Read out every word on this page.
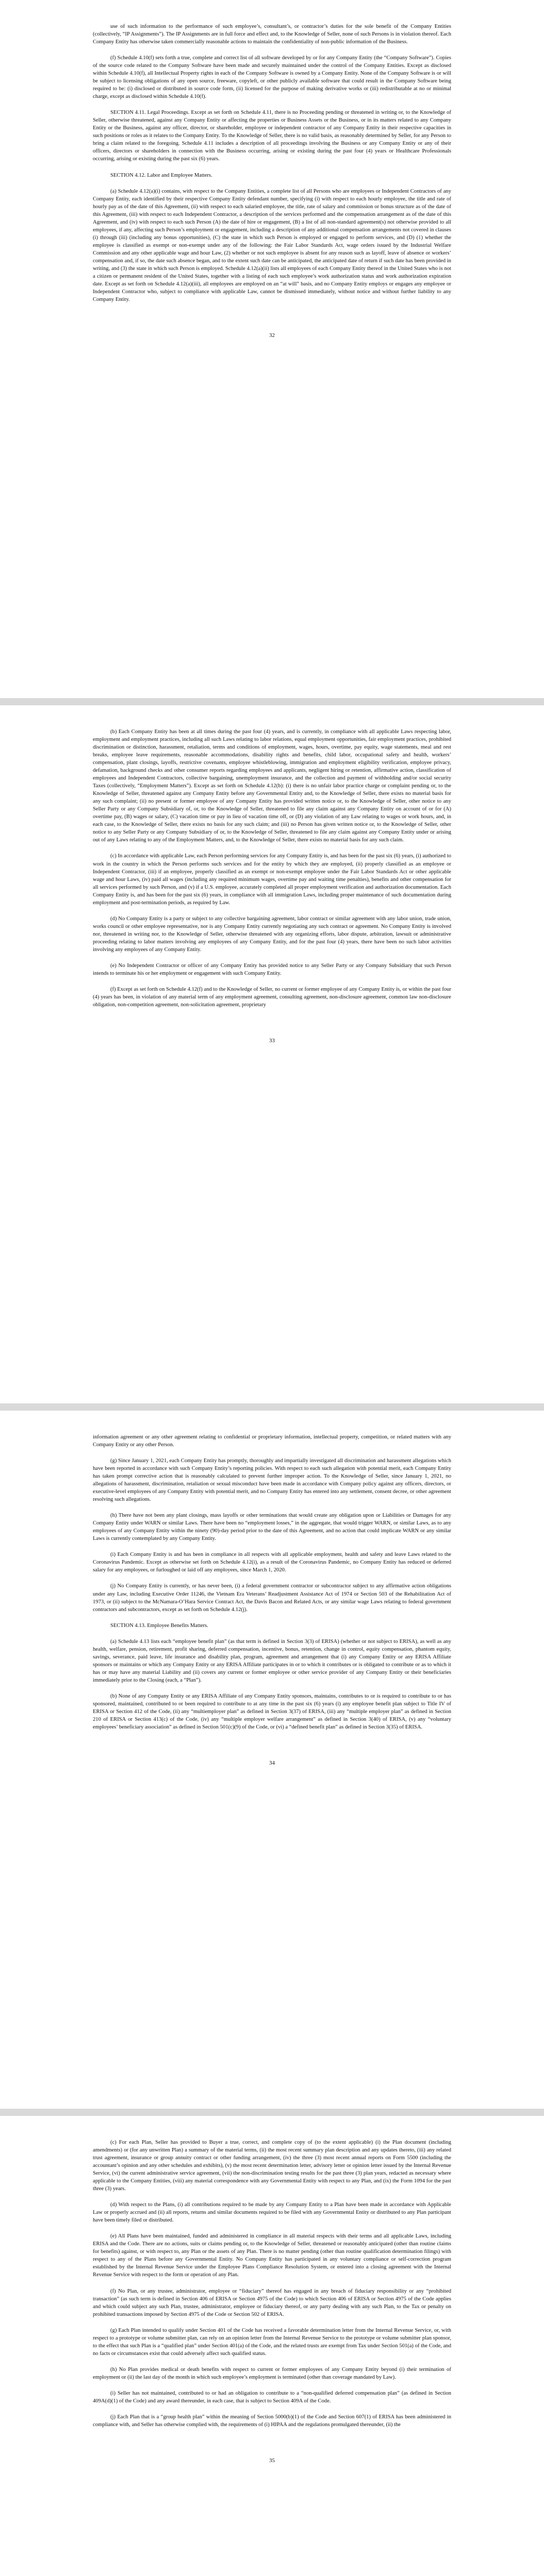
use of such information to the performance of such employee’s, consultant’s, or contractor’s duties for the sole benefit of the Company Entities (collectively, “IP Assignments”). The IP Assignments are in full force and effect and, to the Knowledge of Seller, none of such Persons is in violation thereof. Each Company Entity has otherwise taken commercially reasonable actions to maintain the confidentiality of non-public information of the Business.

(f) Schedule 4.10(f) sets forth a true, complete and correct list of all software developed by or for any Company Entity (the “Company Software”). Copies of the source code related to the Company Software have been made and securely maintained under the control of the Company Entities. Except as disclosed within Schedule 4.10(f), all Intellectual Property rights in each of the Company Software is owned by a Company Entity. None of the Company Software is or will be subject to licensing obligations of any open source, freeware, copyleft, or other publicly available software that could result in the Company Software being required to be: (i) disclosed or distributed in source code form, (ii) licensed for the purpose of making derivative works or (iii) redistributable at no or minimal charge, except as disclosed within Schedule 4.10(f).

SECTION 4.11. Legal Proceedings. Except as set forth on Schedule 4.11, there is no Proceeding pending or threatened in writing or, to the Knowledge of Seller, otherwise threatened, against any Company Entity or affecting the properties or Business Assets or the Business, or in its matters related to any Company Entity or the Business, against any officer, director, or shareholder, employee or independent contractor of any Company Entity in their respective capacities in such positions or roles as it relates to the Company Entity. To the Knowledge of Seller, there is no valid basis, as reasonably determined by Seller, for any Person to bring a claim related to the foregoing. Schedule 4.11 includes a description of all proceedings involving the Business or any Company Entity or any of their officers, directors or shareholders in connection with the Business occurring, arising or existing during the past four (4) years or Healthcare Professionals occurring, arising or existing during the past six (6) years.

SECTION 4.12. Labor and Employee Matters.

(a) Schedule 4.12(a)(i) contains, with respect to the Company Entities, a complete list of all Persons who are employees or Independent Contractors of any Company Entity, each identified by their respective Company Entity defendant number, specifying (i) with respect to each hourly employee, the title and rate of hourly pay as of the date of this Agreement, (ii) with respect to each salaried employee, the title, rate of salary and commission or bonus structure as of the date of this Agreement, (iii) with respect to each Independent Contractor, a description of the services performed and the compensation arrangement as of the date of this Agreement, and (iv) with respect to each such Person (A) the date of hire or engagement, (B) a list of all non-standard agreement(s) not otherwise provided to all employees, if any, affecting such Person’s employment or engagement, including a description of any additional compensation arrangements not covered in clauses (i) through (iii) (including any bonus opportunities), (C) the state in which such Person is employed or engaged to perform services, and (D) (1) whether the employee is classified as exempt or non-exempt under any of the following: the Fair Labor Standards Act, wage orders issued by the Industrial Welfare Commission and any other applicable wage and hour Law, (2) whether or not such employee is absent for any reason such as layoff, leave of absence or workers’ compensation and, if so, the date such absence began, and to the extent such date can be anticipated, the anticipated date of return if such date has been provided in writing, and (3) the state in which such Person is employed. Schedule 4.12(a)(ii) lists all employees of each Company Entity thereof in the United States who is not a citizen or permanent resident of the United States, together with a listing of each such employee’s work authorization status and work authorization expiration date. Except as set forth on Schedule 4.12(a)(iii), all employees are employed on an “at will” basis, and no Company Entity employs or engages any employee or Independent Contractor who, subject to compliance with applicable Law, cannot be dismissed immediately, without notice and without further liability to any Company Entity.

32

(b) Each Company Entity has been at all times during the past four (4) years, and is currently, in compliance with all applicable Laws respecting labor, employment and employment practices, including all such Laws relating to labor relations, equal employment opportunities, fair employment practices, prohibited discrimination or distinction, harassment, retaliation, terms and conditions of employment, wages, hours, overtime, pay equity, wage statements, meal and rest breaks, employee leave requirements, reasonable accommodations, disability rights and benefits, child labor, occupational safety and health, workers’ compensation, plant closings, layoffs, restrictive covenants, employee whistleblowing, immigration and employment eligibility verification, employee privacy, defamation, background checks and other consumer reports regarding employees and applicants, negligent hiring or retention, affirmative action, classification of employees and Independent Contractors, collective bargaining, unemployment insurance, and the collection and payment of withholding and/or social security Taxes (collectively, “Employment Matters”). Except as set forth on Schedule 4.12(b): (i) there is no unfair labor practice charge or complaint pending or, to the Knowledge of Seller, threatened against any Company Entity before any Governmental Entity and, to the Knowledge of Seller, there exists no material basis for any such complaint; (ii) no present or former employee of any Company Entity has provided written notice or, to the Knowledge of Seller, other notice to any Seller Party or any Company Subsidiary of, or, to the Knowledge of Seller, threatened to file any claim against any Company Entity on account of or for (A) overtime pay, (B) wages or salary, (C) vacation time or pay in lieu of vacation time off, or (D) any violation of any Law relating to wages or work hours, and, in each case, to the Knowledge of Seller, there exists no basis for any such claim; and (iii) no Person has given written notice or, to the Knowledge of Seller, other notice to any Seller Party or any Company Subsidiary of or, to the Knowledge of Seller, threatened to file any claim against any Company Entity under or arising out of any Laws relating to any of the Employment Matters, and, to the Knowledge of Seller, there exists no material basis for any such claim.

(c) In accordance with applicable Law, each Person performing services for any Company Entity is, and has been for the past six (6) years, (i) authorized to work in the country in which the Person performs such services and for the entity by which they are employed, (ii) properly classified as an employee or Independent Contractor, (iii) if an employee, properly classified as an exempt or non-exempt employee under the Fair Labor Standards Act or other applicable wage and hour Laws, (iv) paid all wages (including any required minimum wages, overtime pay and waiting time penalties), benefits and other compensation for all services performed by such Person, and (v) if a U.S. employee, accurately completed all proper employment verification and authorization documentation. Each Company Entity is, and has been for the past six (6) years, in compliance with all immigration Laws, including proper maintenance of such documentation during employment and post-termination periods, as required by Law.

(d) No Company Entity is a party or subject to any collective bargaining agreement, labor contract or similar agreement with any labor union, trade union, works council or other employee representative, nor is any Company Entity currently negotiating any such contract or agreement. No Company Entity is involved nor, threatened in writing nor, to the Knowledge of Seller, otherwise threatened with any organizing efforts, labor dispute, arbitration, lawsuit or administrative proceeding relating to labor matters involving any employees of any Company Entity, and for the past four (4) years, there have been no such labor activities involving any employees of any Company Entity.

(e) No Independent Contractor or officer of any Company Entity has provided notice to any Seller Party or any Company Subsidiary that such Person intends to terminate his or her employment or engagement with such Company Entity.

(f) Except as set forth on Schedule 4.12(f) and to the Knowledge of Seller, no current or former employee of any Company Entity is, or within the past four (4) years has been, in violation of any material term of any employment agreement, consulting agreement, non-disclosure agreement, common law non-disclosure obligation, non-competition agreement, non-solicitation agreement, proprietary

33

information agreement or any other agreement relating to confidential or proprietary information, intellectual property, competition, or related matters with any Company Entity or any other Person.

(g) Since January 1, 2021, each Company Entity has promptly, thoroughly and impartially investigated all discrimination and harassment allegations which have been reported in accordance with such Company Entity’s reporting policies. With respect to each such allegation with potential merit, each Company Entity has taken prompt corrective action that is reasonably calculated to prevent further improper action. To the Knowledge of Seller, since January 1, 2021, no allegations of harassment, discrimination, retaliation or sexual misconduct have been made in accordance with Company policy against any officers, directors, or executive-level employees of any Company Entity with potential merit, and no Company Entity has entered into any settlement, consent decree, or other agreement resolving such allegations.

(h) There have not been any plant closings, mass layoffs or other terminations that would create any obligation upon or Liabilities or Damages for any Company Entity under WARN or similar Laws. There have been no “employment losses,” in the aggregate, that would trigger WARN, or similar Laws, as to any employees of any Company Entity within the ninety (90)-day period prior to the date of this Agreement, and no action that could implicate WARN or any similar Laws is currently contemplated by any Company Entity.

(i) Each Company Entity is and has been in compliance in all respects with all applicable employment, health and safety and leave Laws related to the Coronavirus Pandemic. Except as otherwise set forth on Schedule 4.12(i), as a result of the Coronavirus Pandemic, no Company Entity has reduced or deferred salary for any employees, or furloughed or laid off any employees, since March 1, 2020.

(j) No Company Entity is currently, or has never been, (i) a federal government contractor or subcontractor subject to any affirmative action obligations under any Law, including Executive Order 11246, the Vietnam Era Veterans’ Readjustment Assistance Act of 1974 or Section 503 of the Rehabilitation Act of 1973, or (ii) subject to the McNamara-O’Hara Service Contract Act, the Davis Bacon and Related Acts, or any similar wage Laws relating to federal government contractors and subcontractors, except as set forth on Schedule 4.12(j).

SECTION 4.13. Employee Benefits Matters.

(a) Schedule 4.13 lists each “employee benefit plan” (as that term is defined in Section 3(3) of ERISA) (whether or not subject to ERISA), as well as any health, welfare, pension, retirement, profit sharing, deferred compensation, incentive, bonus, retention, change in control, equity compensation, phantom equity, savings, severance, paid leave, life insurance and disability plan, program, agreement and arrangement that (i) any Company Entity or any ERISA Affiliate sponsors or maintains or which any Company Entity or any ERISA Affiliate participates in or to which it contributes or is obligated to contribute or as to which it has or may have any material Liability and (ii) covers any current or former employee or other service provider of any Company Entity or their beneficiaries immediately prior to the Closing (each, a “Plan”).

(b) None of any Company Entity or any ERISA Affiliate of any Company Entity sponsors, maintains, contributes to or is required to contribute to or has sponsored, maintained, contributed to or been required to contribute to at any time in the past six (6) years (i) any employee benefit plan subject to Title IV of ERISA or Section 412 of the Code, (ii) any “multiemployer plan” as defined in Section 3(37) of ERISA, (iii) any “multiple employer plan” as defined in Section 210 of ERISA or Section 413(c) of the Code, (iv) any “multiple employer welfare arrangement” as defined in Section 3(40) of ERISA, (v) any “voluntary employees’ beneficiary association” as defined in Section 501(c)(9) of the Code, or (vi) a “defined benefit plan” as defined in Section 3(35) of ERISA.

34

(c) For each Plan, Seller has provided to Buyer a true, correct, and complete copy of (to the extent applicable) (i) the Plan document (including amendments) or (for any unwritten Plan) a summary of the material terms, (ii) the most recent summary plan description and any updates thereto, (iii) any related trust agreement, insurance or group annuity contract or other funding arrangement, (iv) the three (3) most recent annual reports on Form 5500 (including the accountant’s opinion and any other schedules and exhibits), (v) the most recent determination letter, advisory letter or opinion letter issued by the Internal Revenue Service, (vi) the current administrative service agreement, (vii) the non-discrimination testing results for the past three (3) plan years, redacted as necessary where applicable to the Company Entities, (viii) any material correspondence with any Governmental Entity with respect to any Plan, and (ix) the Form 1094 for the past three (3) years.

(d) With respect to the Plans, (i) all contributions required to be made by any Company Entity to a Plan have been made in accordance with Applicable Law or properly accrued and (ii) all reports, returns and similar documents required to be filed with any Governmental Entity or distributed to any Plan participant have been timely filed or distributed.

(e) All Plans have been maintained, funded and administered in compliance in all material respects with their terms and all applicable Laws, including ERISA and the Code. There are no actions, suits or claims pending or, to the Knowledge of Seller, threatened or reasonably anticipated (other than routine claims for benefits) against, or with respect to, any Plan or the assets of any Plan. There is no matter pending (other than routine qualification determination filings) with respect to any of the Plans before any Governmental Entity. No Company Entity has participated in any voluntary compliance or self-correction program established by the Internal Revenue Service under the Employee Plans Compliance Resolution System, or entered into a closing agreement with the Internal Revenue Service with respect to the form or operation of any Plan.

(f) No Plan, or any trustee, administrator, employee or “fiduciary” thereof has engaged in any breach of fiduciary responsibility or any “prohibited transaction” (as such term is defined in Section 406 of ERISA or Section 4975 of the Code) to which Section 406 of ERISA or Section 4975 of the Code applies and which could subject any such Plan, trustee, administrator, employee or fiduciary thereof, or any party dealing with any such Plan, to the Tax or penalty on prohibited transactions imposed by Section 4975 of the Code or Section 502 of ERISA.

(g) Each Plan intended to qualify under Section 401 of the Code has received a favorable determination letter from the Internal Revenue Service, or, with respect to a prototype or volume submitter plan, can rely on an opinion letter from the Internal Revenue Service to the prototype or volume submitter plan sponsor, to the effect that such Plan is a “qualified plan” under Section 401(a) of the Code, and the related trusts are exempt from Tax under Section 501(a) of the Code, and no facts or circumstances exist that could adversely affect such qualified status.

(h) No Plan provides medical or death benefits with respect to current or former employees of any Company Entity beyond (i) their termination of employment or (ii) the last day of the month in which such employee’s employment is terminated (other than coverage mandated by Law).

(i) Seller has not maintained, contributed to or had an obligation to contribute to a “non-qualified deferred compensation plan” (as defined in Section 409A(d)(1) of the Code) and any award thereunder, in each case, that is subject to Section 409A of the Code.

(j) Each Plan that is a “group health plan” within the meaning of Section 5000(b)(1) of the Code and Section 607(1) of ERISA has been administered in compliance with, and Seller has otherwise complied with, the requirements of (i) HIPAA and the regulations promulgated thereunder, (ii) the

35
